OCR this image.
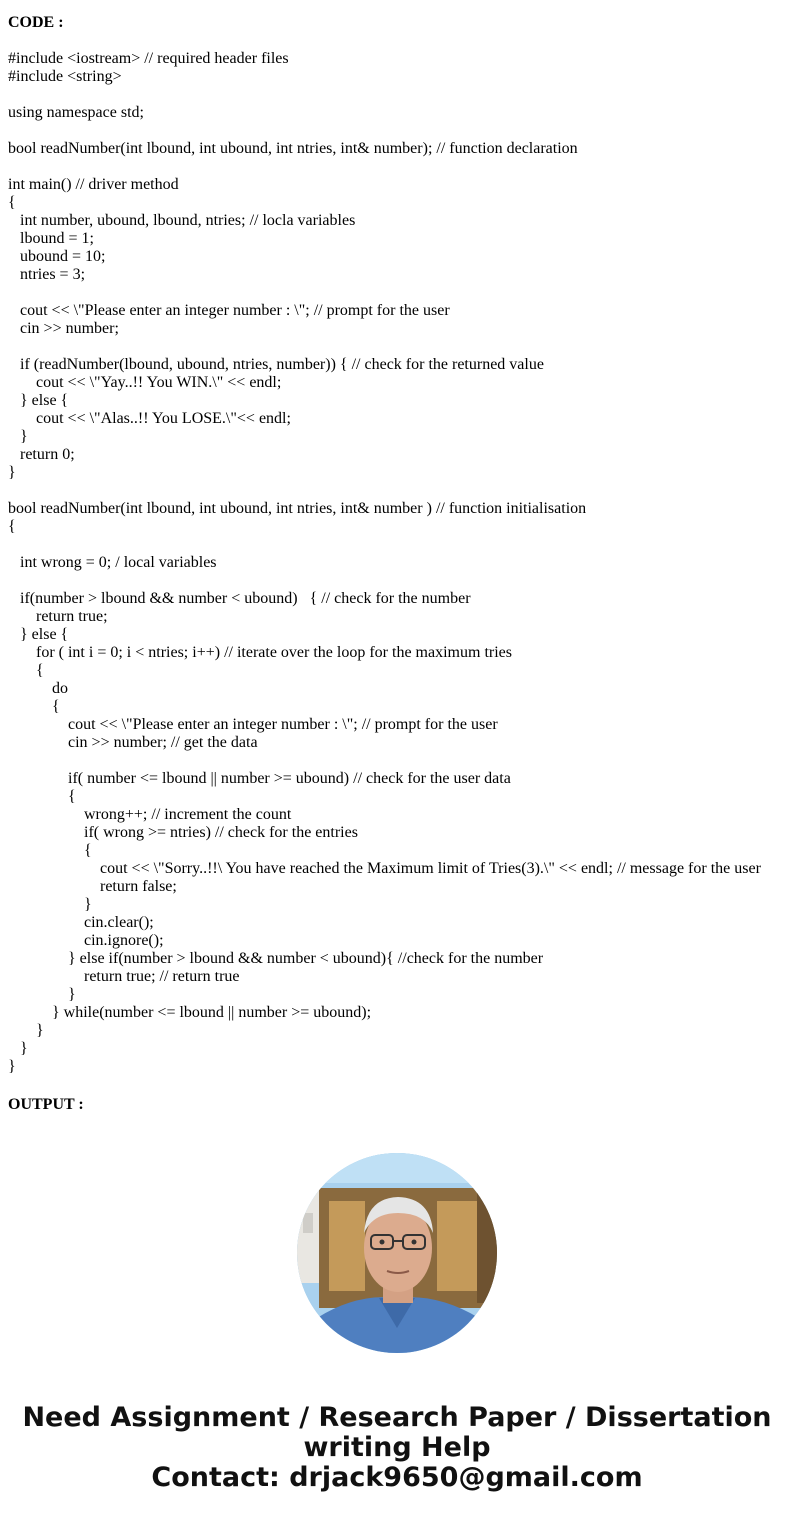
CODE :
#include <iostream> // required header files
#include <string>
using namespace std;
bool readNumber(int lbound, int ubound, int ntries, int& number); // function declaration
int main() // driver method
{
int number, ubound, lbound, ntries; // locla variables
lbound = 1;
ubound = 10;
ntries = 3;
cout << \"Please enter an integer number : \"; // prompt for the user
cin >> number;
if (readNumber(lbound, ubound, ntries, number)) { // check for the returned value
cout << \"Yay..!! You WIN.\" << endl;
} else {
cout << \"Alas..!! You LOSE.\"<< endl;
}
return 0;
}
bool readNumber(int lbound, int ubound, int ntries, int& number ) // function initialisation
{
int wrong = 0; / local variables
if(number > lbound && number < ubound)   { // check for the number
return true;
} else {
for ( int i = 0; i < ntries; i++) // iterate over the loop for the maximum tries
{
do
{
cout << \"Please enter an integer number : \"; // prompt for the user
cin >> number; // get the data
if( number <= lbound || number >= ubound) // check for the user data
{
wrong++; // increment the count
if( wrong >= ntries) // check for the entries
{
cout << \"Sorry..!!\ You have reached the Maximum limit of Tries(3).\" << endl; // message for the user
return false;
}
cin.clear();
cin.ignore();
} else if(number > lbound && number < ubound){ //check for the number
return true; // return true
}
} while(number <= lbound || number >= ubound);
}
}
}
OUTPUT :
Need Assignment / Research Paper / Dissertation
writing Help
Contact: drjack9650@gmail.com
